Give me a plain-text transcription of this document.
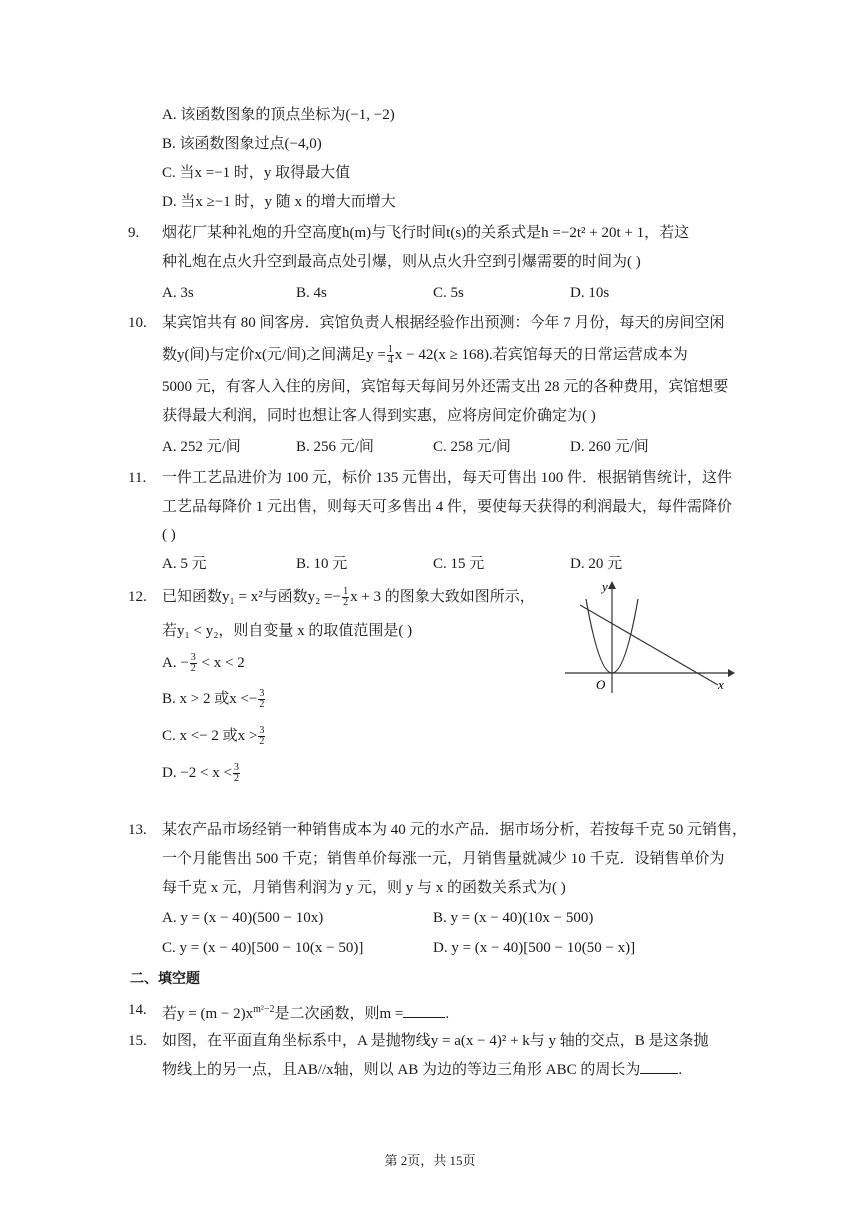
A. 该函数图象的顶点坐标为(−1, −2)
B. 该函数图象过点(−4,0)
C. 当x =−1 时，y 取得最大值
D. 当x ≥−1 时，y 随 x 的增大而增大
9. 烟花厂某种礼炮的升空高度h(m)与飞行时间t(s)的关系式是h =−2t² + 20t + 1，若这
种礼炮在点火升空到最高点处引爆，则从点火升空到引爆需要的时间为( )
A. 3s	B. 4s	C. 5s	D. 10s
10. 某宾馆共有 80 间客房．宾馆负责人根据经验作出预测：今年 7 月份，每天的房间空闲
数y(间)与定价x(元/间)之间满足$y = \frac{1}{4}$ x − 42(x ≥ 168).若宾馆每天的日常运营成本为
5000 元，有客人入住的房间，宾馆每天每间另外还需支出 28 元的各种费用，宾馆想要
获得最大利润，同时也想让客人得到实惠，应将房间定价确定为( )
A. 252 元/间	B. 256 元/间	C. 258 元/间	D. 260 元/间
11. 一件工艺品进价为 100 元，标价 135 元售出，每天可售出 100 件．根据销售统计，这件
工艺品每降价 1 元出售，则每天可多售出 4 件，要使每天获得的利润最大，每件需降价
( )
A. 5 元	B. 10 元	C. 15 元	D. 20 元
12. 已知函数y₁ = x²与函数$y_2 =- \frac{1}{2}$ x + 3 的图象大致如图所示，
若y₁ < y₂，则自变量 x 的取值范围是( )
A. − $\frac{3}{2} < x < 2$
B. x > 2 或$x <- \frac{3}{2}$
C. x <− 2 或$x > \frac{3}{2}$
D. $-2 < x < \frac{3}{2}$
y
x
O
13. 某农产品市场经销一种销售成本为 40 元的水产品．据市场分析，若按每千克 50 元销售，
一个月能售出 500 千克；销售单价每涨一元，月销售量就减少 10 千克．设销售单价为
每千克 x 元，月销售利润为 y 元，则 y 与 x 的函数关系式为( )
A. y = (x − 40)(500 − 10x)	B. y = (x − 40)(10x − 500)
C. y = (x − 40)[500 − 10(x − 50)]	D. y = (x − 40)[500 − 10(50 − x)]
二、填空题
14. 若$y = (m - 2)x^{m^2-2}$是二次函数，则m =	.
15. 如图，在平面直角坐标系中，A 是抛物线y = a(x − 4)² + k与 y 轴的交点，B 是这条抛
物线上的另一点，且AB//x轴，则以 AB 为边的等边三角形 ABC 的周长为	.
第 2页，共 15页
